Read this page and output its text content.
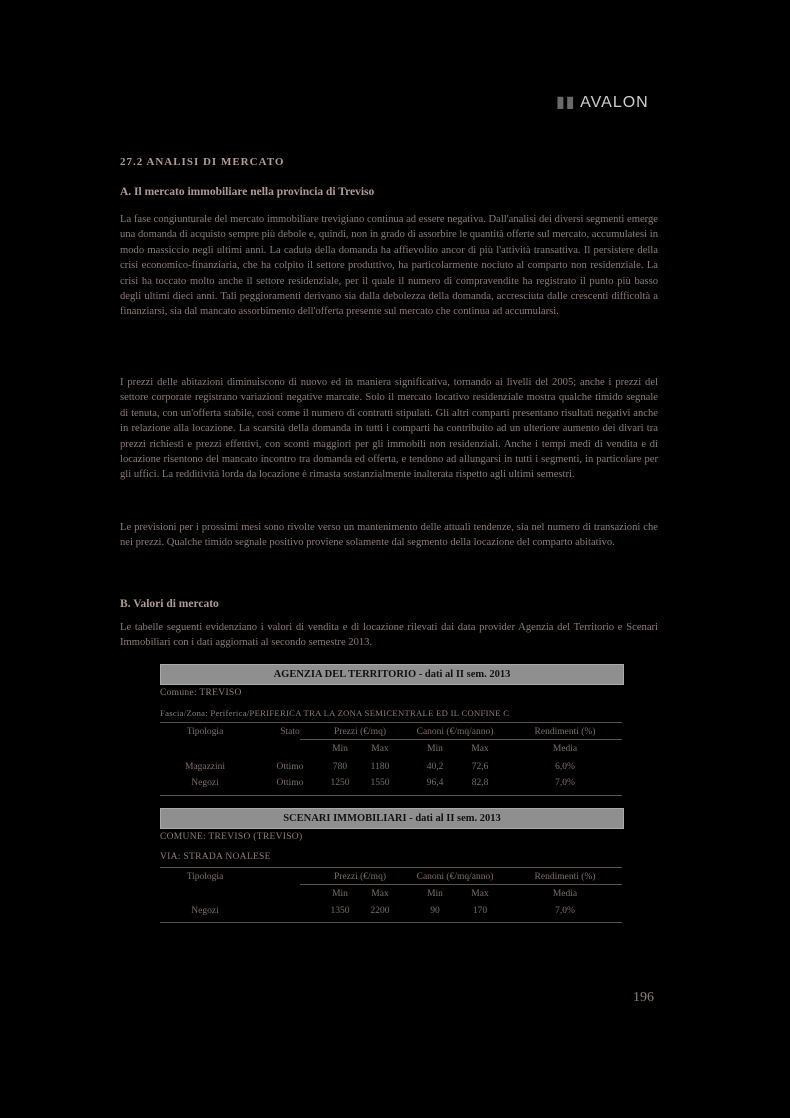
▮▮ AVALON
27.2 ANALISI DI MERCATO
A. Il mercato immobiliare nella provincia di Treviso

La fase congiunturale del mercato immobiliare trevigiano continua ad essere negativa. Dall'analisi dei diversi segmenti emerge una domanda di acquisto sempre più debole e, quindi, non in grado di assorbire le quantità offerte sul mercato, accumulatesi in modo massiccio negli ultimi anni. La caduta della domanda ha affievolito ancor di più l'attività transattiva. Il persistere della crisi economico-finanziaria, che ha colpito il settore produttivo, ha particolarmente nociuto al comparto non residenziale. La crisi ha toccato molto anche il settore residenziale, per il quale il numero di compravendite ha registrato il punto più basso degli ultimi dieci anni. Tali peggioramenti derivano sia dalla debolezza della domanda, accresciuta dalle crescenti difficoltà a finanziarsi, sia dal mancato assorbimento dell'offerta presente sul mercato che continua ad accumularsi.

I prezzi delle abitazioni diminuiscono di nuovo ed in maniera significativa, tornando ai livelli del 2005; anche i prezzi del settore corporate registrano variazioni negative marcate. Solo il mercato locativo residenziale mostra qualche timido segnale di tenuta, con un'offerta stabile, così come il numero di contratti stipulati. Gli altri comparti presentano risultati negativi anche in relazione alla locazione. La scarsità della domanda in tutti i comparti ha contribuito ad un ulteriore aumento dei divari tra prezzi richiesti e prezzi effettivi, con sconti maggiori per gli immobili non residenziali. Anche i tempi medi di vendita e di locazione risentono del mancato incontro tra domanda ed offerta, e tendono ad allungarsi in tutti i segmenti, in particolare per gli uffici. La redditività lorda da locazione è rimasta sostanzialmente inalterata rispetto agli ultimi semestri.

Le previsioni per i prossimi mesi sono rivolte verso un mantenimento delle attuali tendenze, sia nel numero di transazioni che nei prezzi. Qualche timido segnale positivo proviene solamente dal segmento della locazione del comparto abitativo.

B. Valori di mercato

Le tabelle seguenti evidenziano i valori di vendita e di locazione rilevati dai data provider Agenzia del Territorio e Scenari Immobiliari con i dati aggiornati al secondo semestre 2013.

AGENZIA DEL TERRITORIO - dati al II sem. 2013
Comune: TREVISO
Fascia/Zona: Periferica/PERIFERICA TRA LA ZONA SEMICENTRALE ED IL CONFINE C
Tipologia	Stato	Prezzi (€/mq)	Canoni (€/mq/anno)	Rendimenti (%)
Min	Max	Min	Max	Media
Magazzini	Ottimo	780	1180	40,2	72,6	6,0%
Negozi	Ottimo	1250	1550	96,4	82,8	7,0%
SCENARI IMMOBILIARI - dati al II sem. 2013
COMUNE: TREVISO (TREVISO)
VIA: STRADA NOALESE
Tipologia	Prezzi (€/mq)	Canoni (€/mq/anno)	Rendimenti (%)
Min	Max	Min	Max	Media
Negozi	1350	2200	90	170	7,0%
196
